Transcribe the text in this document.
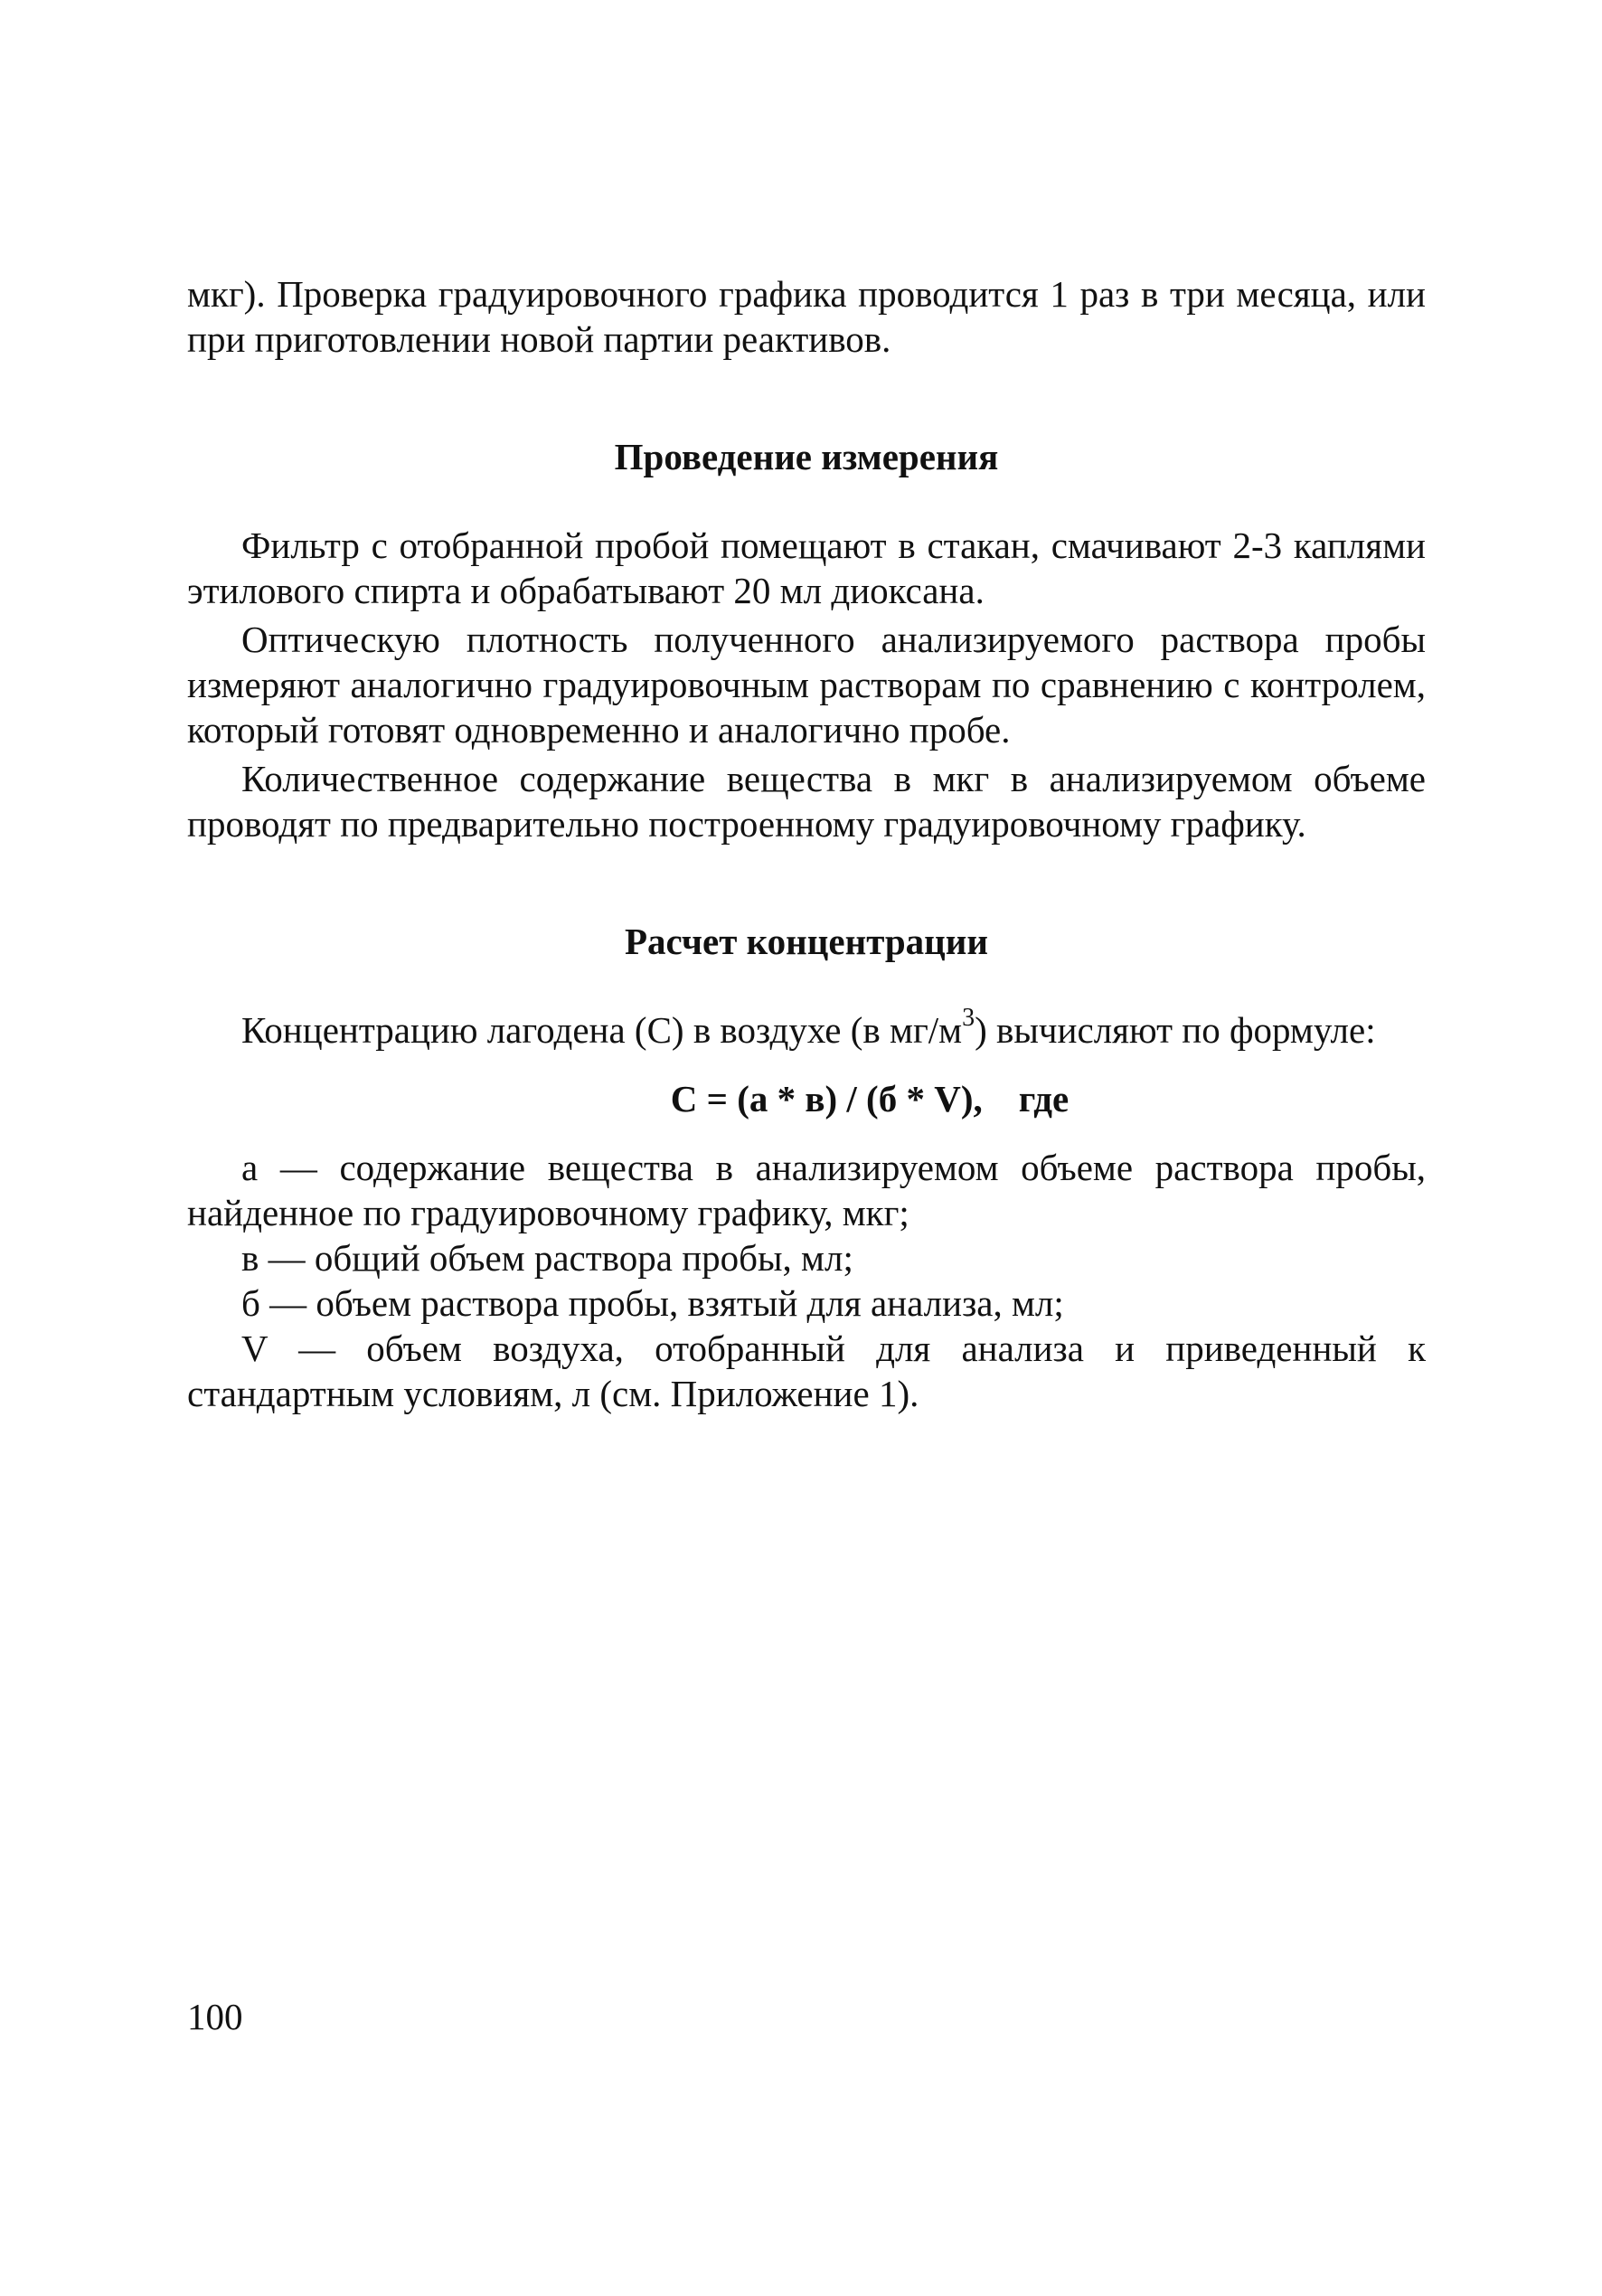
мкг). Проверка градуировочного графика проводится 1 раз в три месяца, или при приготовлении новой партии реактивов.

Проведение измерения

Фильтр с отобранной пробой помещают в стакан, смачивают 2-3 каплями этилового спирта и обрабатывают 20 мл диоксана.

Оптическую плотность полученного анализируемого раствора пробы измеряют аналогично градуировочным растворам по сравнению с контролем, который готовят одновременно и аналогично пробе.

Количественное содержание вещества в мкг в анализируемом объеме проводят по предварительно построенному градуировочному графику.

Расчет концентрации

Концентрацию лагодена (С) в воздухе (в $мг/м^3$) вычисляют по формуле:

С = (а * в) / (б * V), где

а — содержание вещества в анализируемом объеме раствора пробы, найденное по градуировочному графику, мкг;

в — общий объем раствора пробы, мл;

б — объем раствора пробы, взятый для анализа, мл;

V — объем воздуха, отобранный для анализа и приведенный к стандартным условиям, л (см. Приложение 1).

100
